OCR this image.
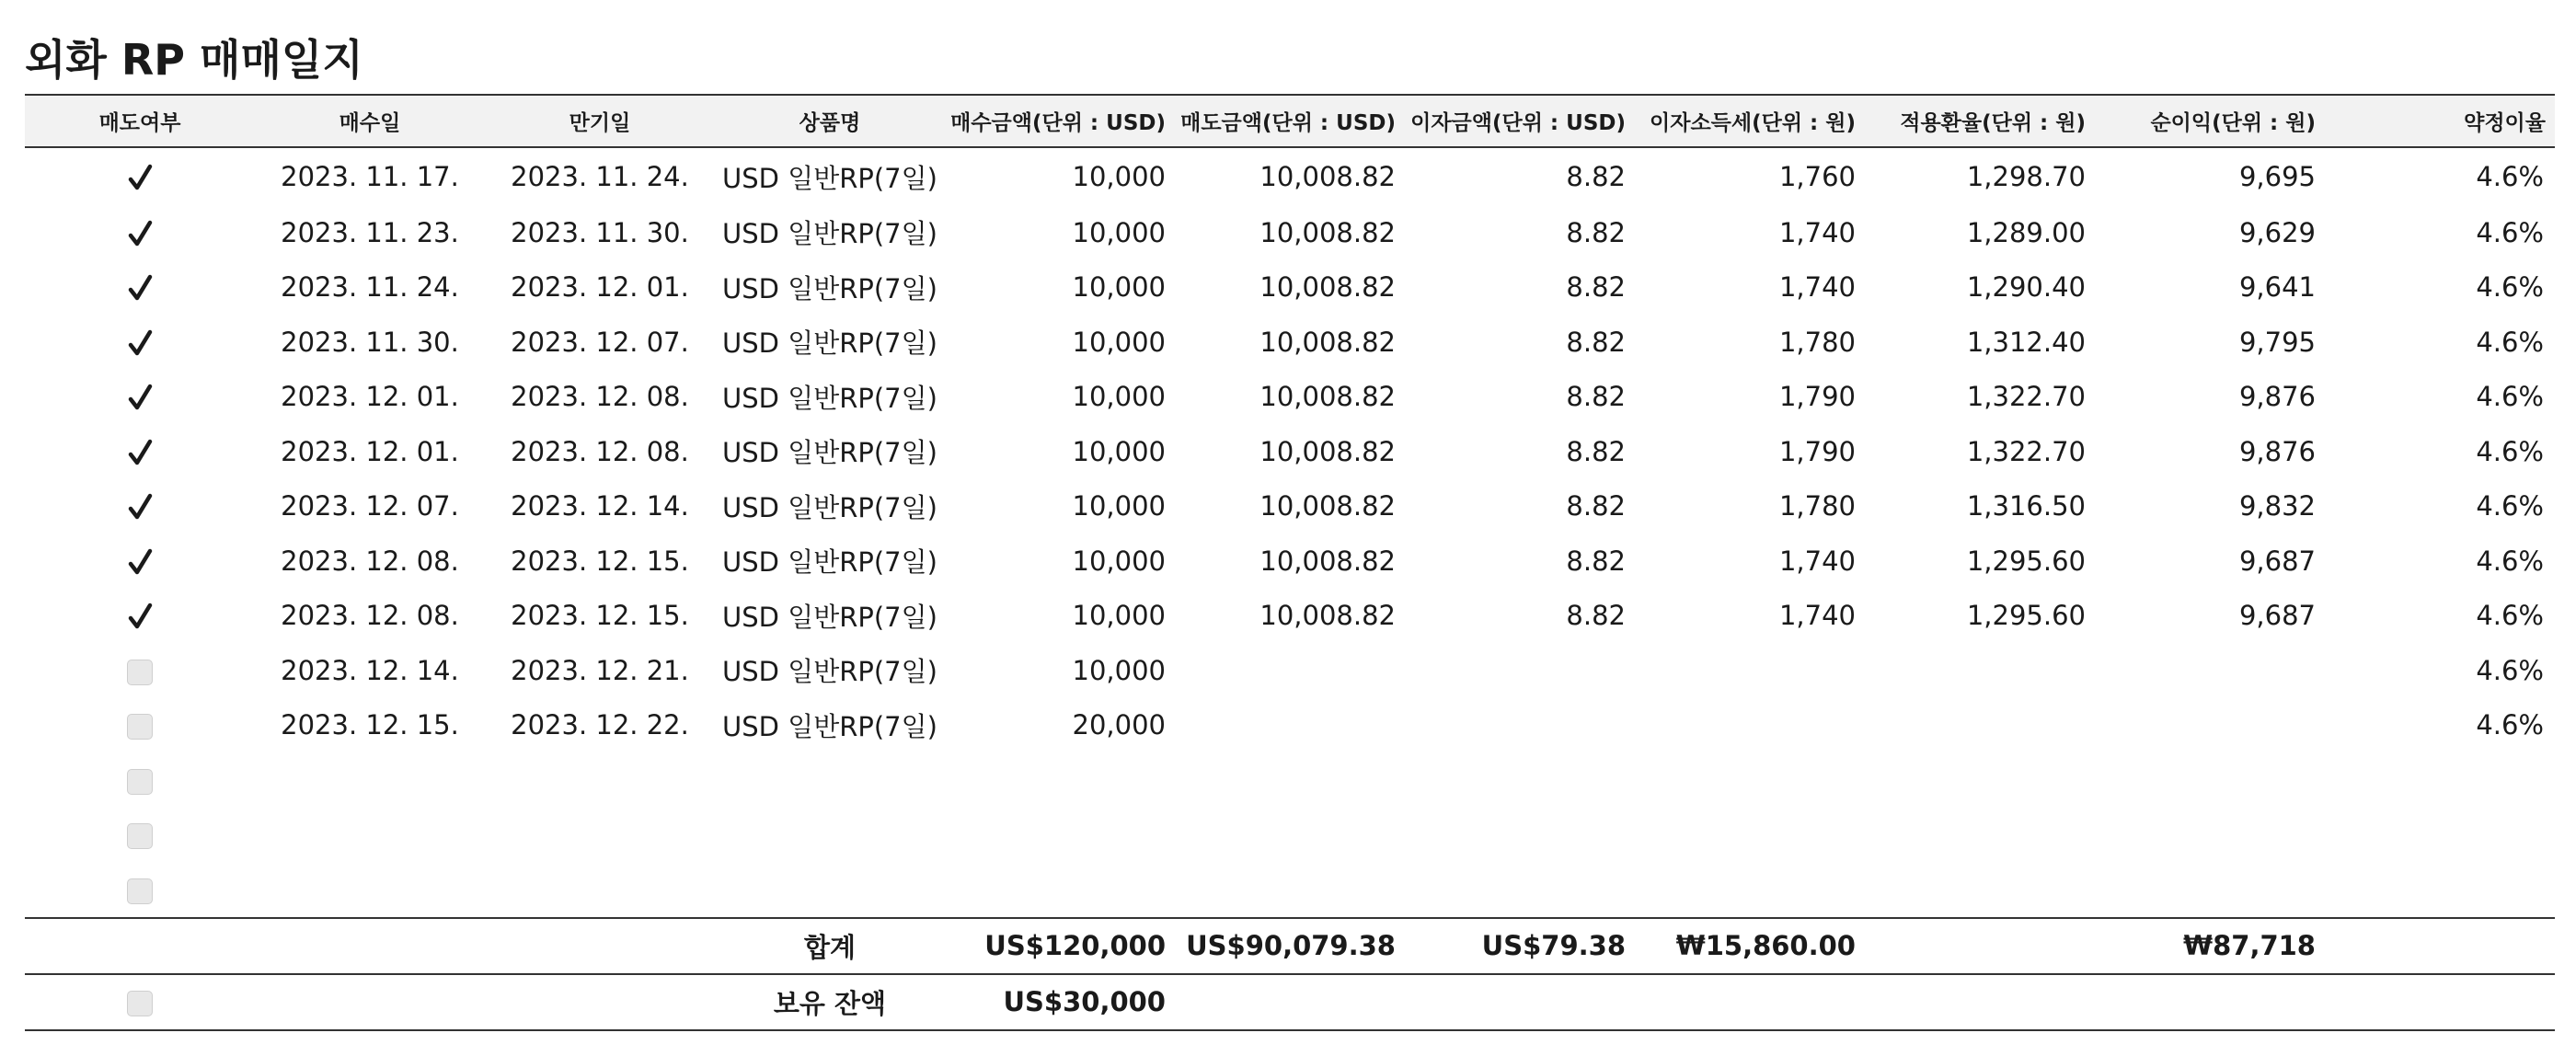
외화 RP 매매일지
매도여부	매수일	만기일	상품명	매수금액(단위 : USD)	매도금액(단위 : USD)	이자금액(단위 : USD)	이자소득세(단위 : 원)	적용환율(단위 : 원)	순이익(단위 : 원)	약정이율

	2023. 11. 17.	2023. 11. 24.	USD 일반RP(7일)	10,000	10,008.82	8.82	1,760	1,298.70	9,695	4.6%

	2023. 11. 23.	2023. 11. 30.	USD 일반RP(7일)	10,000	10,008.82	8.82	1,740	1,289.00	9,629	4.6%

	2023. 11. 24.	2023. 12. 01.	USD 일반RP(7일)	10,000	10,008.82	8.82	1,740	1,290.40	9,641	4.6%

	2023. 11. 30.	2023. 12. 07.	USD 일반RP(7일)	10,000	10,008.82	8.82	1,780	1,312.40	9,795	4.6%

	2023. 12. 01.	2023. 12. 08.	USD 일반RP(7일)	10,000	10,008.82	8.82	1,790	1,322.70	9,876	4.6%

	2023. 12. 01.	2023. 12. 08.	USD 일반RP(7일)	10,000	10,008.82	8.82	1,790	1,322.70	9,876	4.6%

	2023. 12. 07.	2023. 12. 14.	USD 일반RP(7일)	10,000	10,008.82	8.82	1,780	1,316.50	9,832	4.6%

	2023. 12. 08.	2023. 12. 15.	USD 일반RP(7일)	10,000	10,008.82	8.82	1,740	1,295.60	9,687	4.6%

	2023. 12. 08.	2023. 12. 15.	USD 일반RP(7일)	10,000	10,008.82	8.82	1,740	1,295.60	9,687	4.6%
	2023. 12. 14.	2023. 12. 21.	USD 일반RP(7일)	10,000						4.6%
	2023. 12. 15.	2023. 12. 22.	USD 일반RP(7일)	20,000						4.6%

			합계	US$120,000	US$90,079.38	US$79.38	₩15,860.00		₩87,718	
			보유 잔액	US$30,000						
